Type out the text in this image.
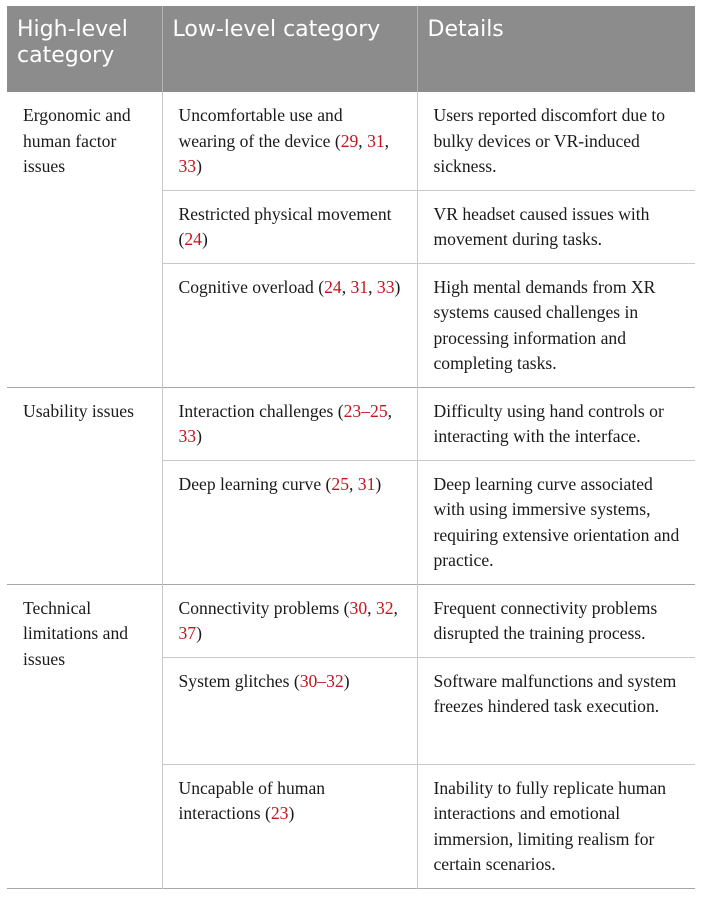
High-level category	Low-level category	Details
Ergonomic and human factor issues	Uncomfortable use and wearing of the device (29, 31, 33)	Users reported discomfort due to bulky devices or VR-induced sickness.
	Restricted physical movement (24)	VR headset caused issues with movement during tasks.
	Cognitive overload (24, 31, 33)	High mental demands from XR systems caused challenges in processing information and completing tasks.
Usability issues	Interaction challenges (23–25, 33)	Difficulty using hand controls or interacting with the interface.
	Deep learning curve (25, 31)	Deep learning curve associated with using immersive systems, requiring extensive orientation and practice.
Technical limitations and issues	Connectivity problems (30, 32, 37)	Frequent connectivity problems disrupted the training process.
	System glitches (30–32)	Software malfunctions and system freezes hindered task execution.
	Uncapable of human interactions (23)	Inability to fully replicate human interactions and emotional immersion, limiting realism for certain scenarios.
